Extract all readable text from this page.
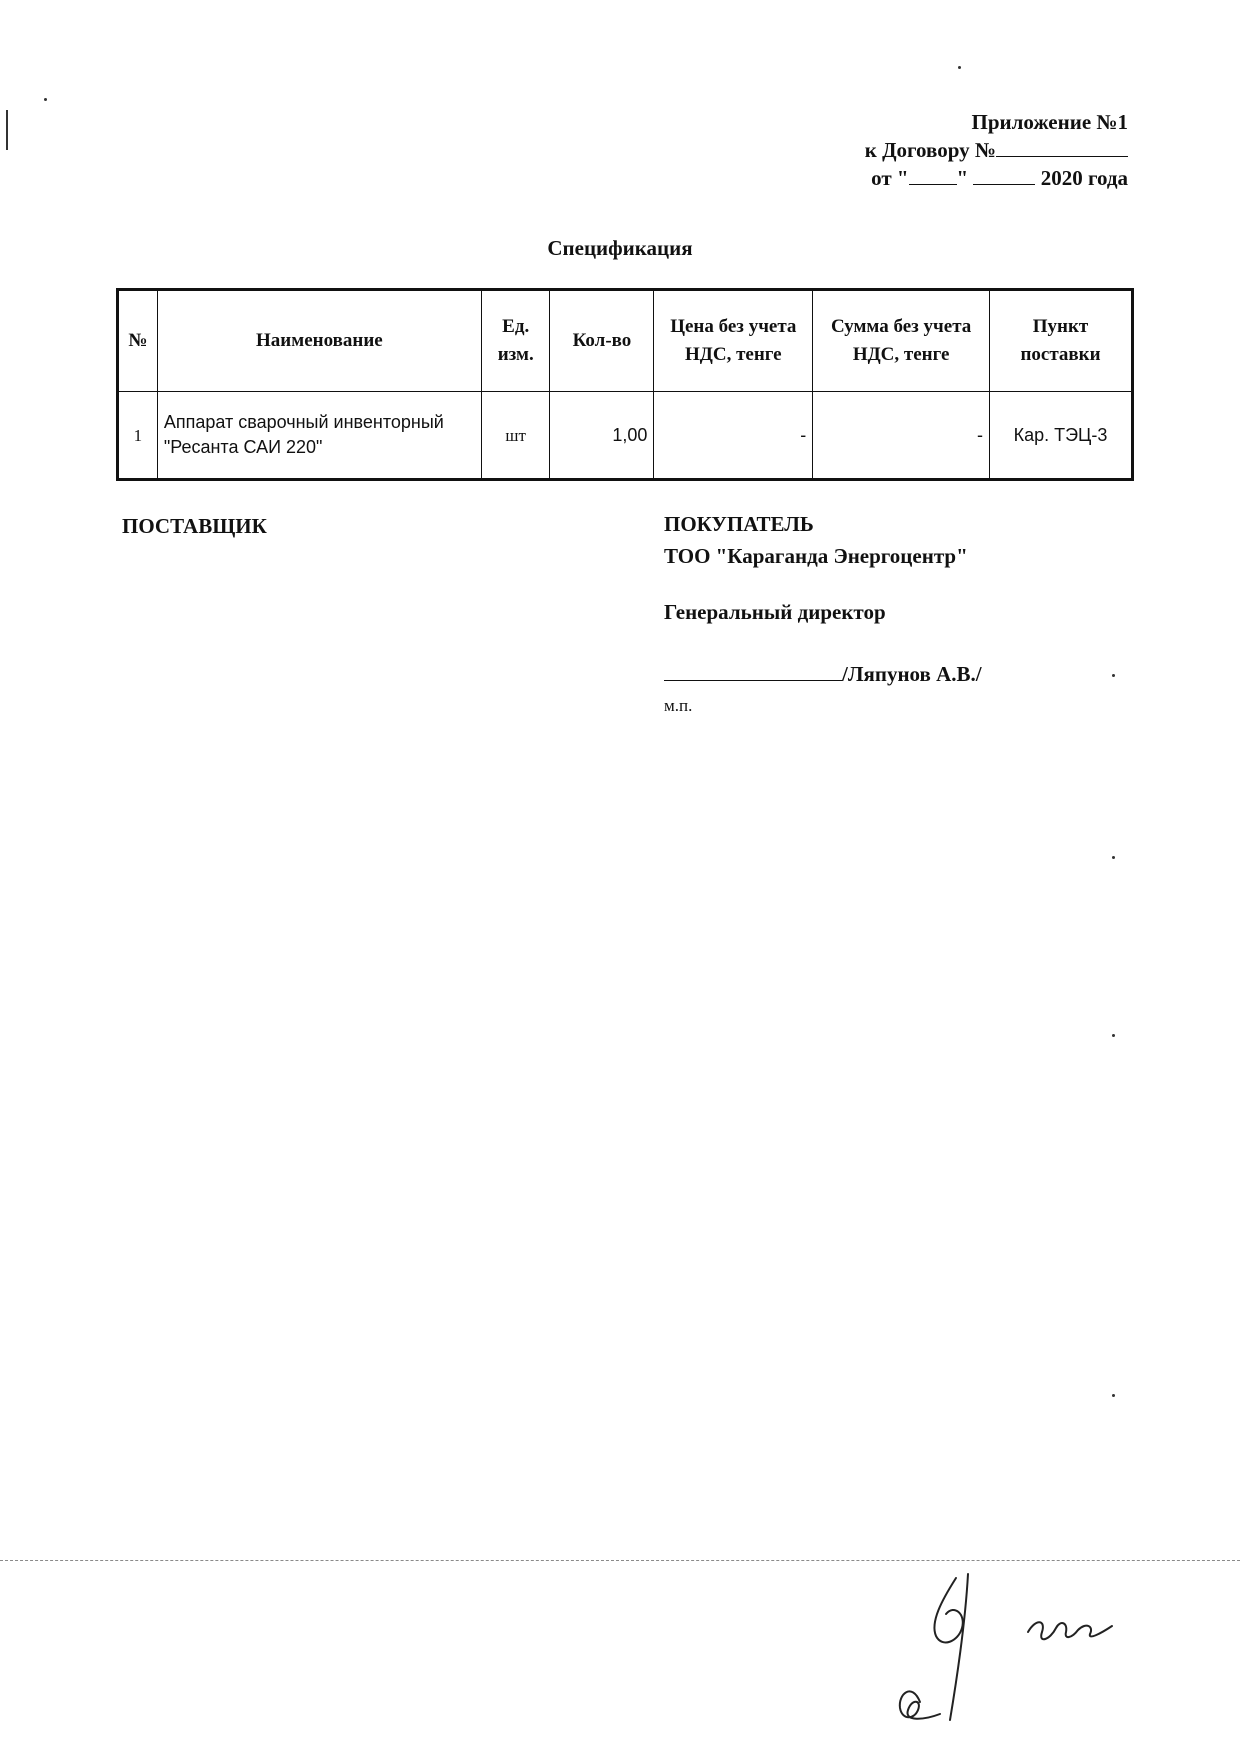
Приложение №1
к Договору №
от " "	2020 года
Спецификация
№	Наименование	Ед. изм.	Кол-во	Цена без учета НДС, тенге	Сумма без учета НДС, тенге	Пункт поставки
1	Аппарат сварочный инвенторный "Ресанта САИ 220"	шт	1,00	-	-	Кар. ТЭЦ-3
ПОСТАВЩИК	ПОКУПАТЕЛЬ
ТОО "Караганда Энергоцентр"
Генеральный директор
/Ляпунов А.В./
м.п.
